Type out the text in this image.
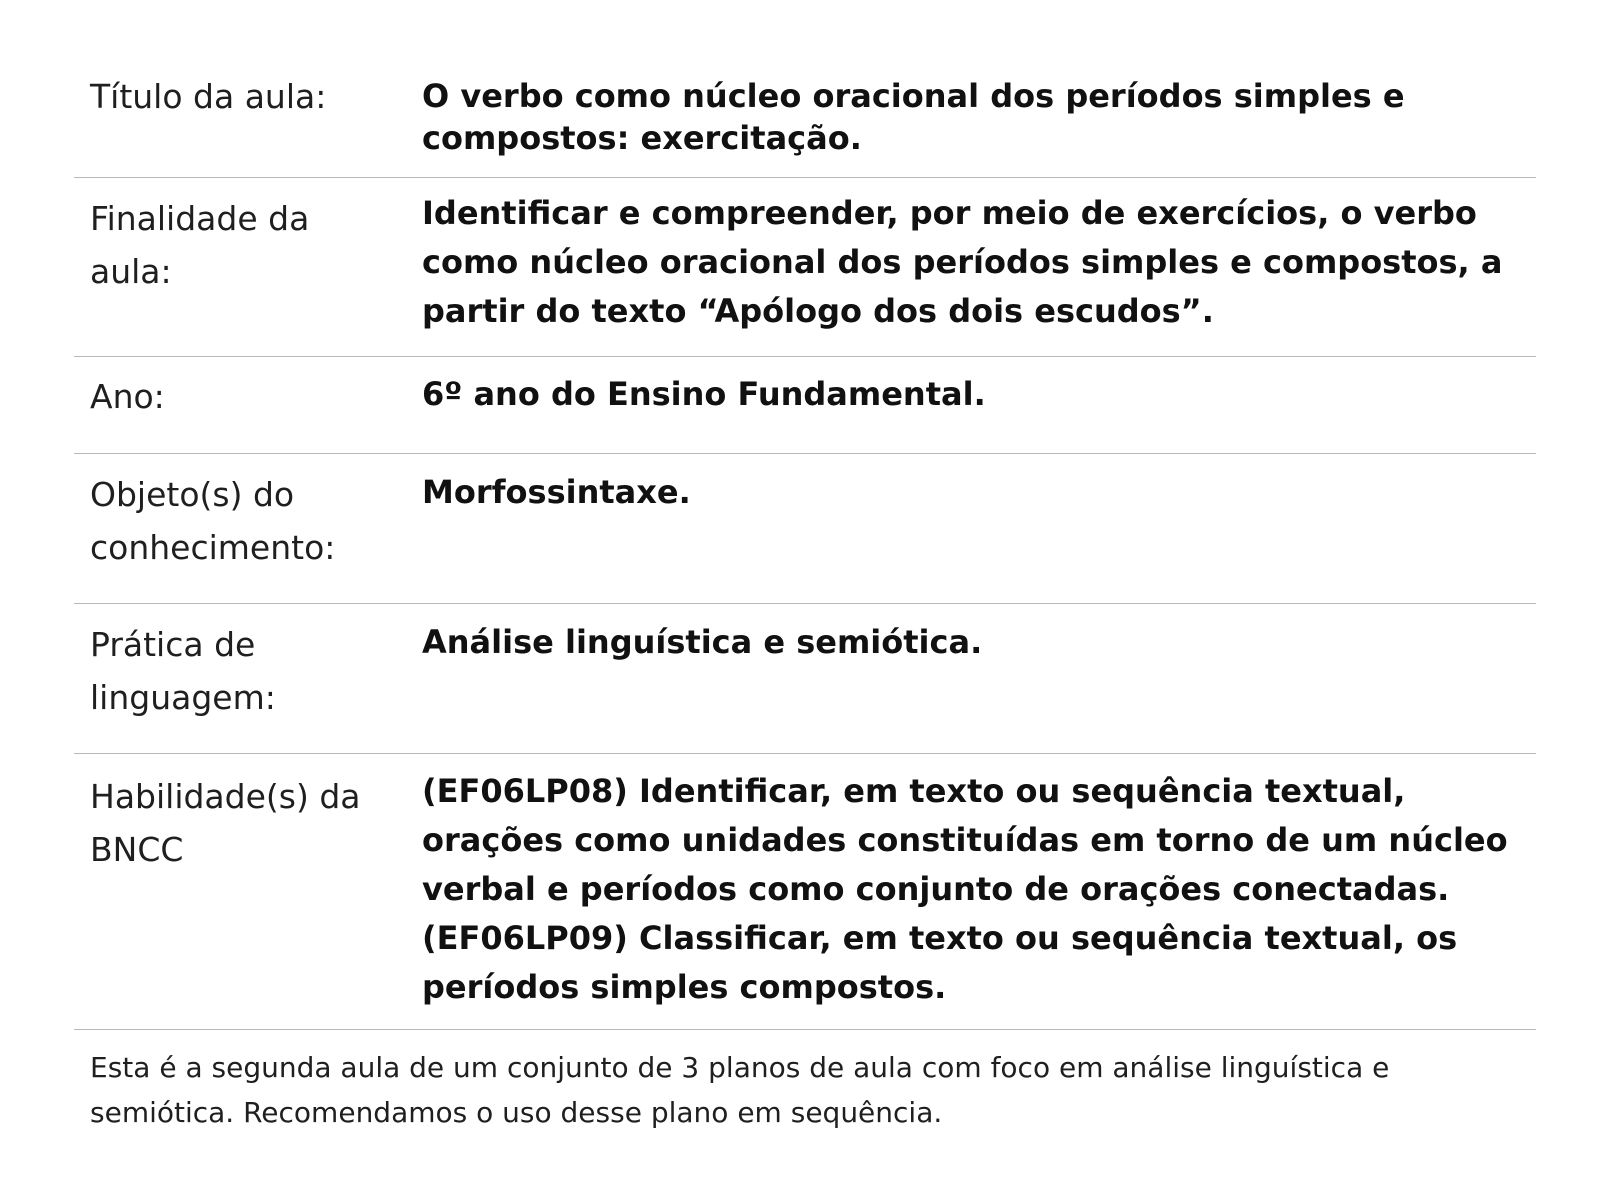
Título da aula:	O verbo como núcleo oracional dos períodos simples e
compostos: exercitação.
Finalidade da
aula:
Identificar e compreender, por meio de exercícios, o verbo
como núcleo oracional dos períodos simples e compostos, a
partir do texto “Apólogo dos dois escudos”.
Ano:	6º ano do Ensino Fundamental.
Objeto(s) do
conhecimento:
Morfossintaxe.
Prática de
linguagem:
Análise linguística e semiótica.
Habilidade(s) da
BNCC
(EF06LP08) Identificar, em texto ou sequência textual,
orações como unidades constituídas em torno de um núcleo
verbal e períodos como conjunto de orações conectadas.
(EF06LP09) Classificar, em texto ou sequência textual, os
períodos simples compostos.
Esta é a segunda aula de um conjunto de 3 planos de aula com foco em análise linguística e semiótica. Recomendamos o uso desse plano em sequência.
